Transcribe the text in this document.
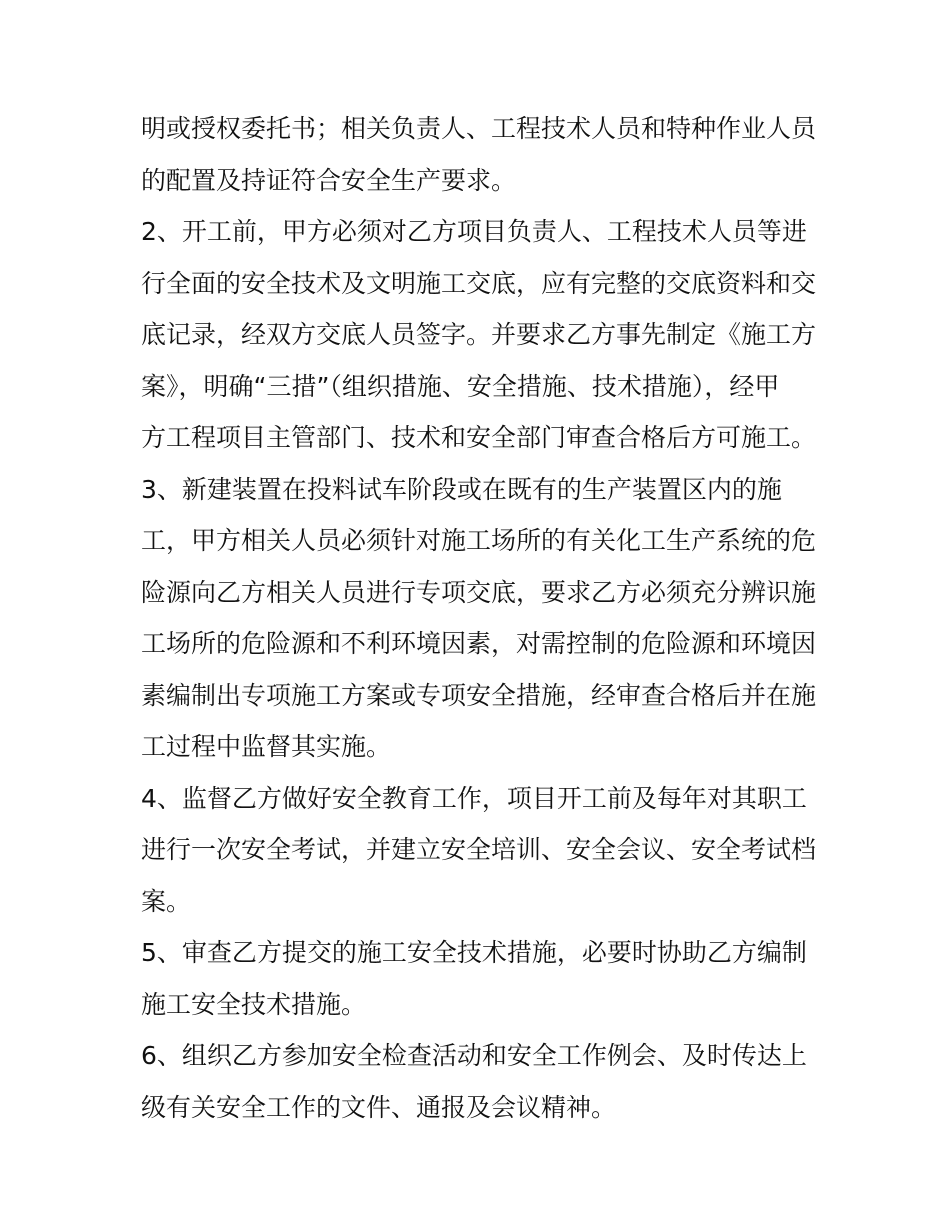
明或授权委托书；相关负责人、工程技术人员和特种作业人员
的配置及持证符合安全生产要求。
2、开工前，甲方必须对乙方项目负责人、工程技术人员等进
行全面的安全技术及文明施工交底，应有完整的交底资料和交
底记录，经双方交底人员签字。并要求乙方事先制定《施工方
案》，明确“三措”（组织措施、安全措施、技术措施），经甲
方工程项目主管部门、技术和安全部门审查合格后方可施工。
3、新建装置在投料试车阶段或在既有的生产装置区内的施
工，甲方相关人员必须针对施工场所的有关化工生产系统的危
险源向乙方相关人员进行专项交底，要求乙方必须充分辨识施
工场所的危险源和不利环境因素，对需控制的危险源和环境因
素编制出专项施工方案或专项安全措施，经审查合格后并在施
工过程中监督其实施。
4、监督乙方做好安全教育工作，项目开工前及每年对其职工
进行一次安全考试，并建立安全培训、安全会议、安全考试档
案。
5、审查乙方提交的施工安全技术措施，必要时协助乙方编制
施工安全技术措施。
6、组织乙方参加安全检查活动和安全工作例会、及时传达上
级有关安全工作的文件、通报及会议精神。
